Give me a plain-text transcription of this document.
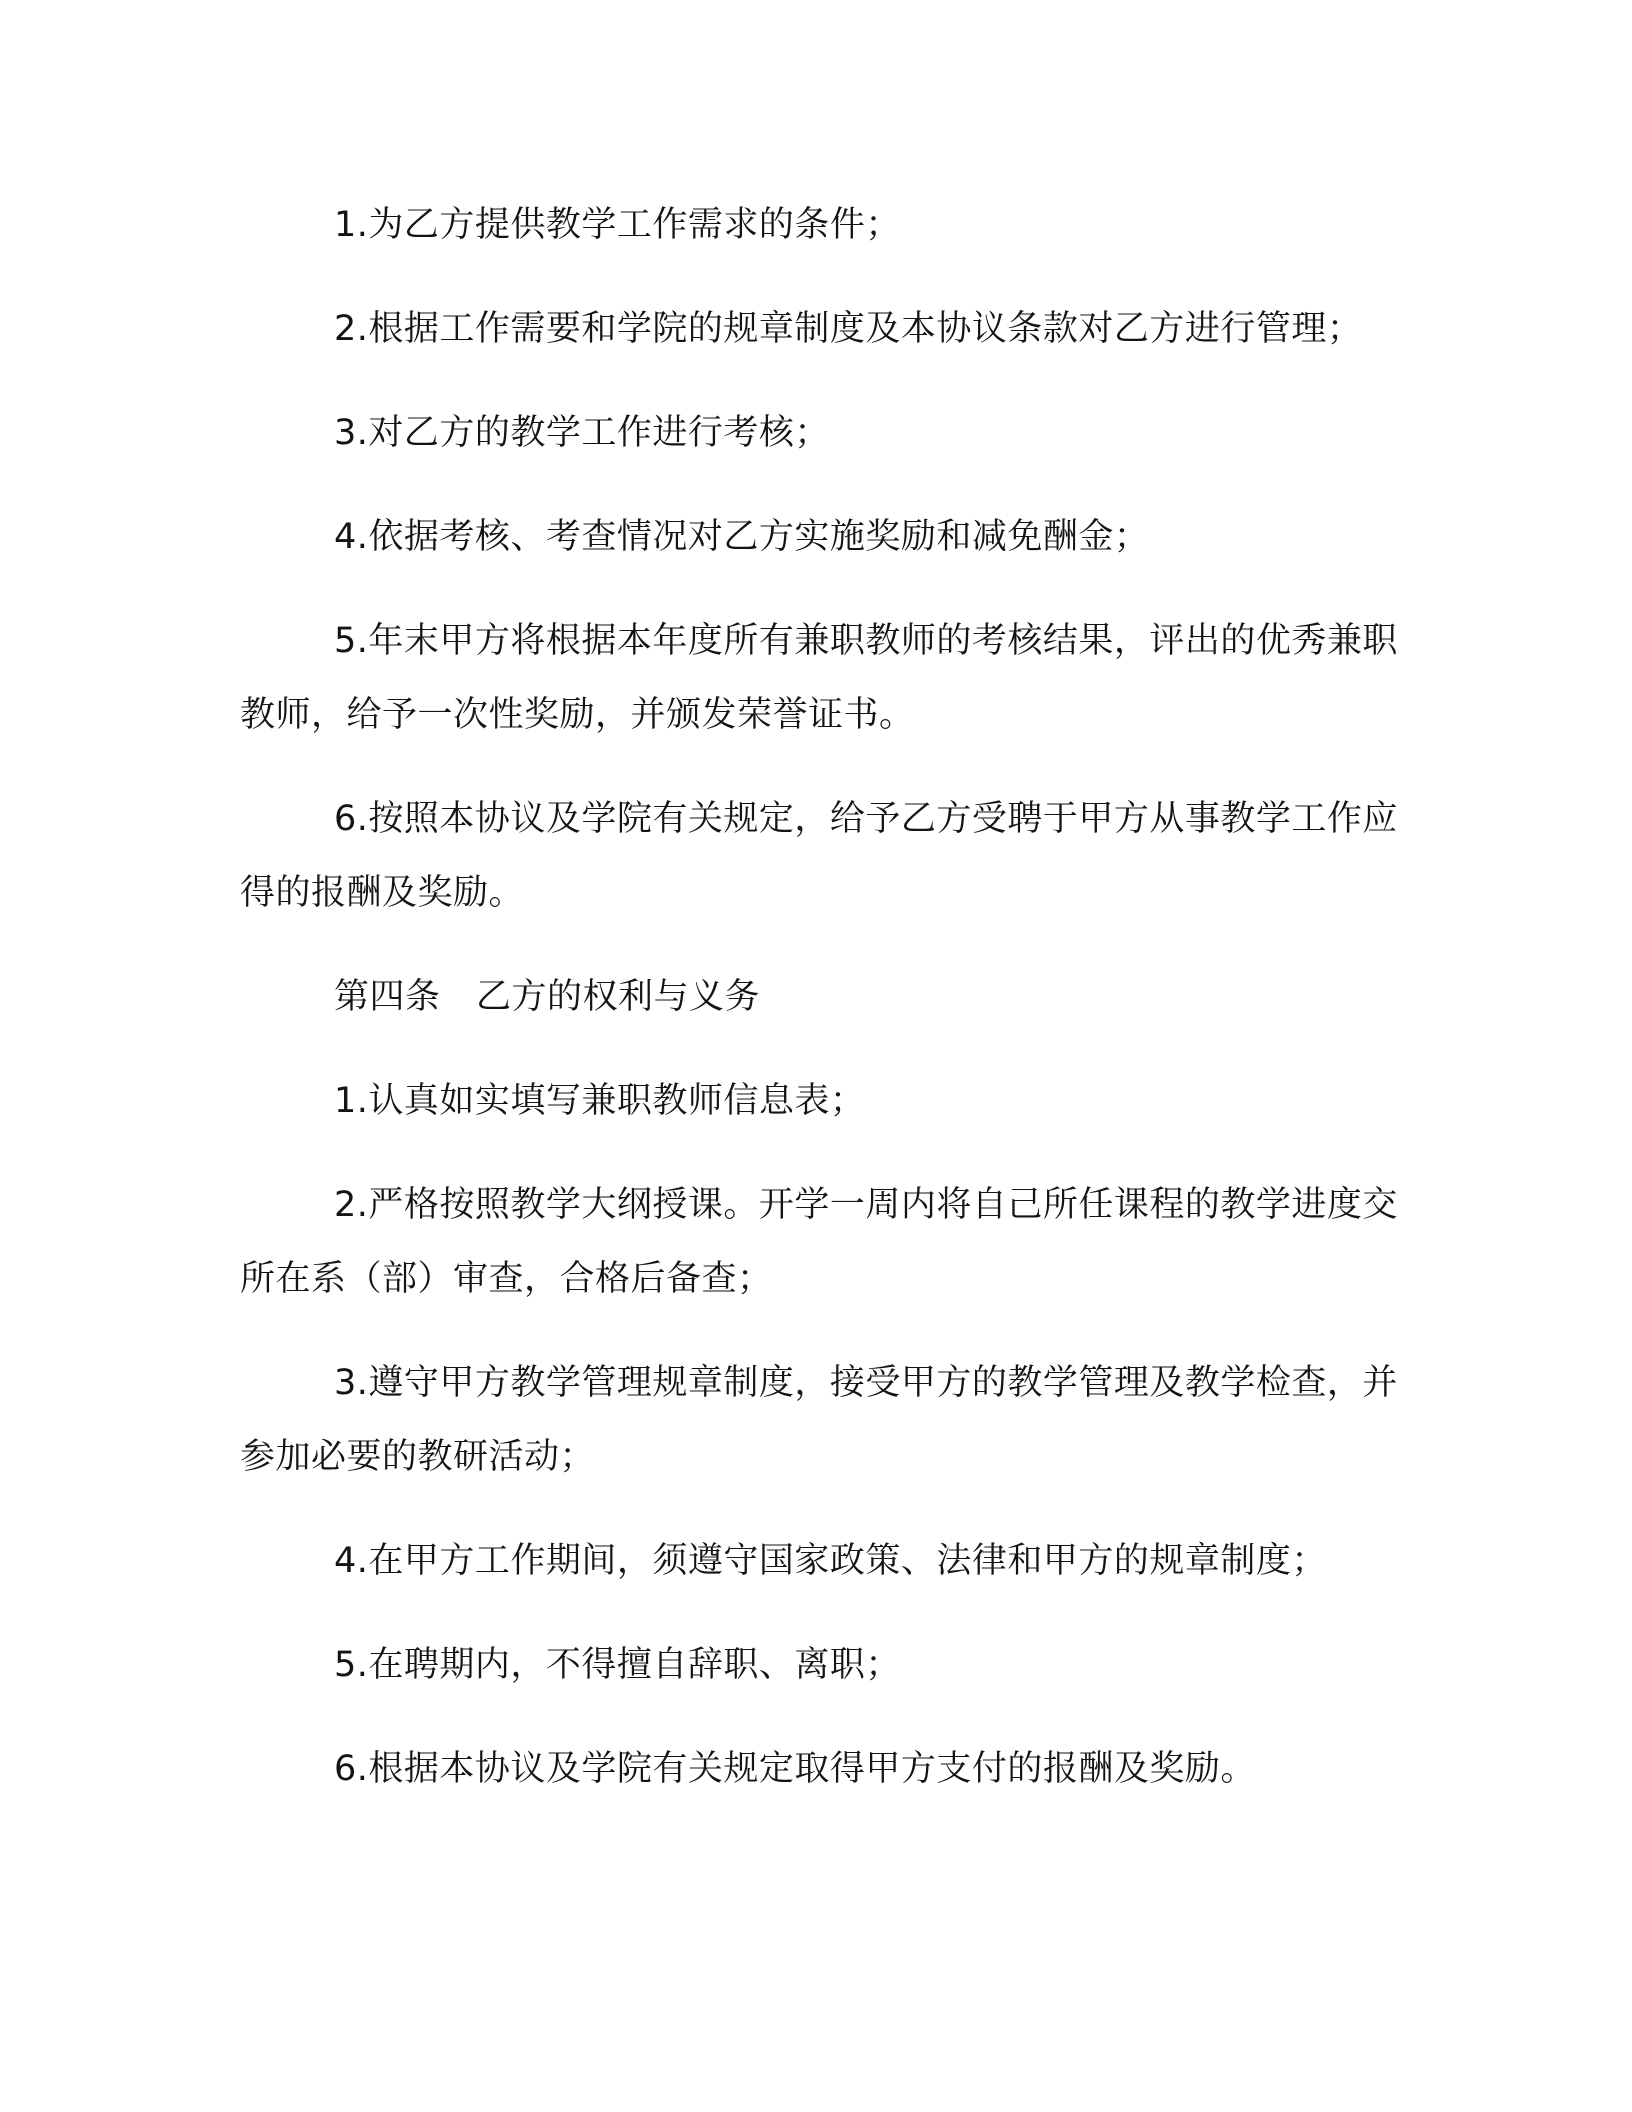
1.为乙方提供教学工作需求的条件；

2.根据工作需要和学院的规章制度及本协议条款对乙方进行管理；

3.对乙方的教学工作进行考核；

4.依据考核、考查情况对乙方实施奖励和减免酬金；

5.年末甲方将根据本年度所有兼职教师的考核结果，评出的优秀兼职教师，给予一次性奖励，并颁发荣誉证书。

6.按照本协议及学院有关规定，给予乙方受聘于甲方从事教学工作应得的报酬及奖励。

第四条　乙方的权利与义务

1.认真如实填写兼职教师信息表；

2.严格按照教学大纲授课。开学一周内将自己所任课程的教学进度交所在系（部）审查，合格后备查；

3.遵守甲方教学管理规章制度，接受甲方的教学管理及教学检查，并参加必要的教研活动；

4.在甲方工作期间，须遵守国家政策、法律和甲方的规章制度；

5.在聘期内，不得擅自辞职、离职；

6.根据本协议及学院有关规定取得甲方支付的报酬及奖励。
